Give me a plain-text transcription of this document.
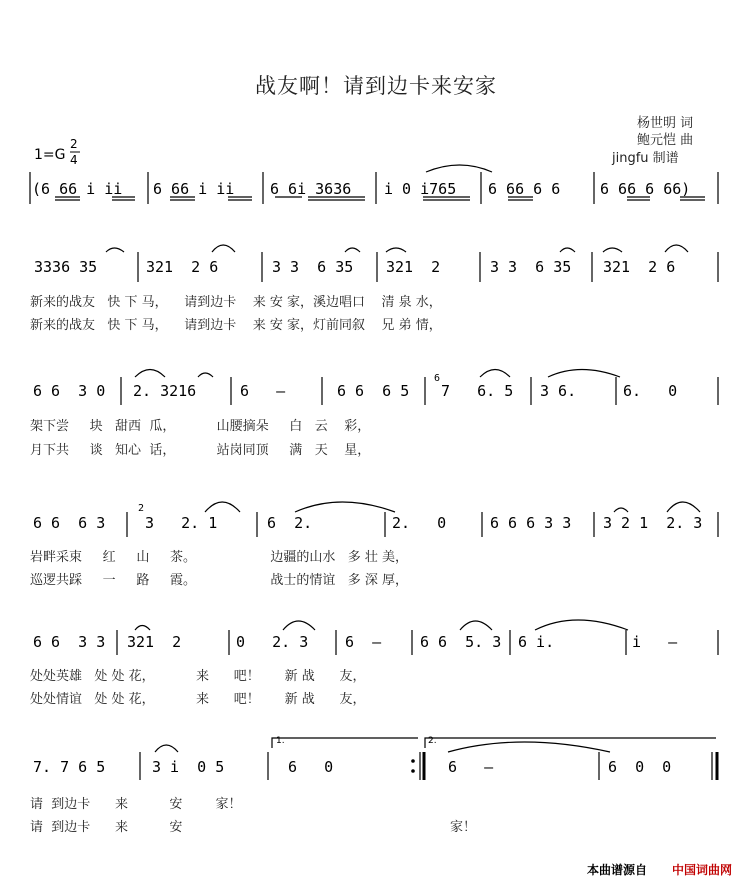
战友啊！请到边卡来安家
杨世明 词
鲍元恺 曲
jingfu 制谱
1=G
2
4
(6 66 i ii 6 66 i ii 6 6i 3636 i 0 i765 6 66 6 6	6 66 6 66)
3336 35	321  2 6	3 3  6 35 321  2	3 3  6 35 321  2 6
新来的战友   快 下 马，    请到边卡    来 安 家，溪边唱口    清 泉 水，
新来的战友   快 下 马，    请到边卡    来 安 家，灯前同叙    兄 弟 情，
6 6  3 0 2. 3216	6   –	6 6  6 5
6
7   6. 5 3 6.	6.   0
架下尝     块   甜西  瓜，          山腰摘朵     白   云    彩，
月下共     谈   知心  话，          站岗同顶     满   天    星，
6 6  6 3
2
3   2. 1	6  2.	2.   0	6 6 6 3 3 3 2 1  2. 3
岩畔采束     红     山     茶。                  边疆的山水   多 壮 美，
巡逻共踩     一     路     霞。                  战士的情谊   多 深 厚，
6 6  3 3 321  2	0   2. 3 6  –	6 6  5. 3 6 i.	i   –
处处英雄   处 处 花，          来      吧！      新 战      友，
处处情谊   处 处 花，          来      吧！      新 战      友，
7. 7 6 5	3 i  0 5	6   0	6   –	6  0  0
1.	2.
请  到边卡      来          安        家！
请  到边卡      来          安	家！
本曲谱源自 中国词曲网
